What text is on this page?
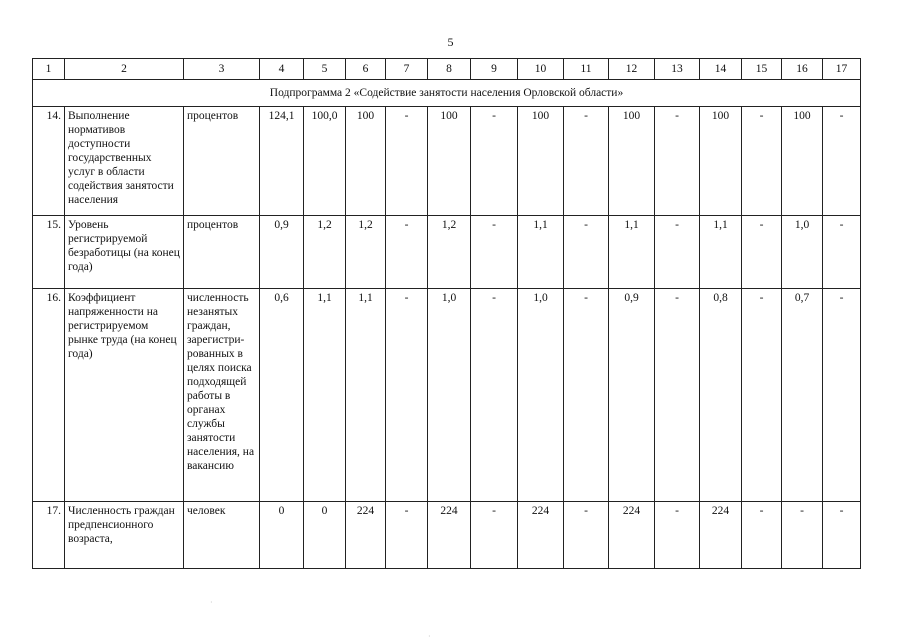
5
1	2	3	4	5	6	7	8	9	10	11	12	13	14	15	16	17
Подпрограмма 2 «Содействие занятости населения Орловской области»																
14.	Выполнение нормативов доступности государственных услуг в области содействия занятости населения	процентов	124,1	100,0	100	-	100	-	100	-	100	-	100	-	100	-
15.	Уровень регистрируемой безработицы (на конец года)	процентов	0,9	1,2	1,2	-	1,2	-	1,1	-	1,1	-	1,1	-	1,0	-
16.	Коэффициент напряженности на регистрируемом рынке труда (на конец года)	численность незанятых граждан, зарегистри-рованных в целях поиска подходящей работы в органах службы занятости населения, на вакансию	0,6	1,1	1,1	-	1,0	-	1,0	-	0,9	-	0,8	-	0,7	-
17.	Численность граждан предпенсионного возраста,	человек	0	0	224	-	224	-	224	-	224	-	224	-	-	-
·
·
